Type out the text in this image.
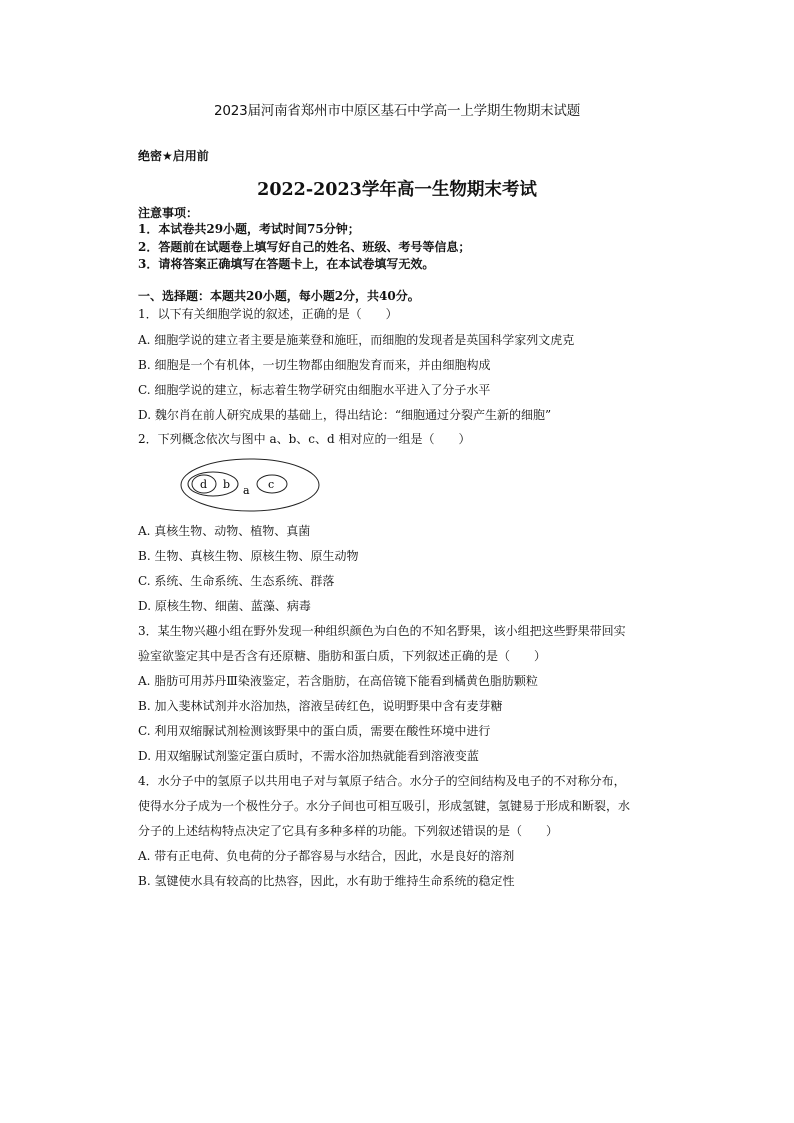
2023届河南省郑州市中原区基石中学高一上学期生物期末试题
绝密★启用前
2022-2023学年高一生物期末考试
注意事项：
1．本试卷共29小题，考试时间75分钟；
2．答题前在试题卷上填写好自己的姓名、班级、考号等信息；
3．请将答案正确填写在答题卡上，在本试卷填写无效。
一、选择题：本题共20小题，每小题2分，共40分。
1．以下有关细胞学说的叙述，正确的是（　　）
A. 细胞学说的建立者主要是施莱登和施旺，而细胞的发现者是英国科学家列文虎克
B. 细胞是一个有机体，一切生物都由细胞发育而来，并由细胞构成
C. 细胞学说的建立，标志着生物学研究由细胞水平进入了分子水平
D. 魏尔肖在前人研究成果的基础上，得出结论：“细胞通过分裂产生新的细胞”
2．下列概念依次与图中 a、b、c、d 相对应的一组是（　　）
d b a c
A. 真核生物、动物、植物、真菌
B. 生物、真核生物、原核生物、原生动物
C. 系统、生命系统、生态系统、群落
D. 原核生物、细菌、蓝藻、病毒
3．某生物兴趣小组在野外发现一种组织颜色为白色的不知名野果，该小组把这些野果带回实
验室欲鉴定其中是否含有还原糖、脂肪和蛋白质，下列叙述正确的是（　　）
A. 脂肪可用苏丹Ⅲ染液鉴定，若含脂肪，在高倍镜下能看到橘黄色脂肪颗粒
B. 加入斐林试剂并水浴加热，溶液呈砖红色，说明野果中含有麦芽糖
C. 利用双缩脲试剂检测该野果中的蛋白质，需要在酸性环境中进行
D. 用双缩脲试剂鉴定蛋白质时，不需水浴加热就能看到溶液变蓝
4．水分子中的氢原子以共用电子对与氧原子结合。水分子的空间结构及电子的不对称分布，
使得水分子成为一个极性分子。水分子间也可相互吸引，形成氢键，氢键易于形成和断裂，水
分子的上述结构特点决定了它具有多种多样的功能。下列叙述错误的是（　　）
A. 带有正电荷、负电荷的分子都容易与水结合，因此，水是良好的溶剂
B. 氢键使水具有较高的比热容，因此，水有助于维持生命系统的稳定性
